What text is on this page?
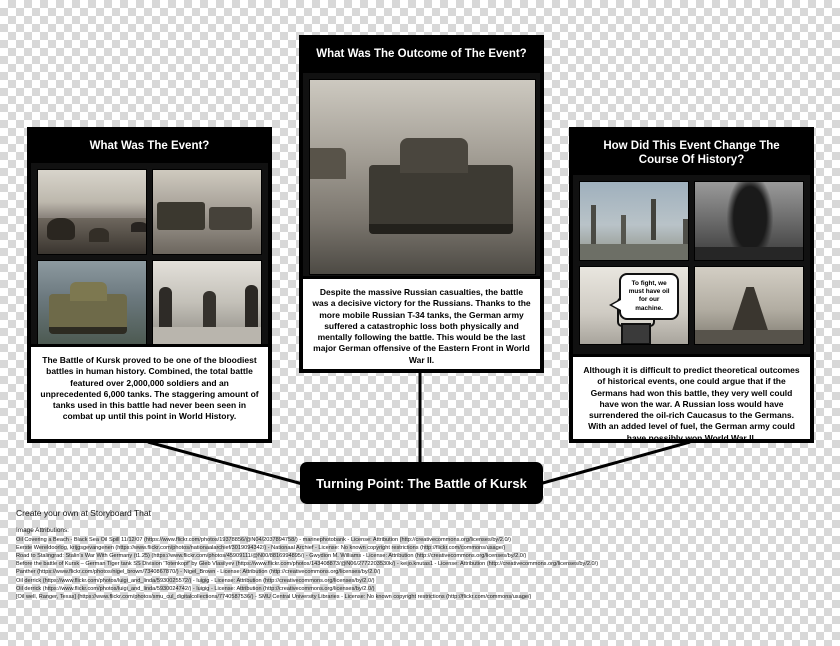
What Was The Event?
The Battle of Kursk proved to be one of the bloodiest battles in human history. Combined, the total battle featured over 2,000,000 soldiers and an unprecedented 6,000 tanks. The staggering amount of tanks used in this battle had never been seen in combat up until this point in World History.
What Was The Outcome of The Event?
Despite the massive Russian casualties, the battle was a decisive victory for the Russians. Thanks to the more mobile Russian T-34 tanks, the German army suffered a catastrophic loss both physically and mentally following the battle. This would be the last major German offensive of the Eastern Front in World War II.
How Did This Event Change The Course Of History?
To fight, we must have oil for our machine.
Although it is difficult to predict theoretical outcomes of historical events, one could argue that if the Germans had won this battle, they very well could have won the war. A Russian loss would have surrendered the oil-rich Caucasus to the Germans. With an added level of fuel, the German army could have possibly won World War II.
Turning Point: The Battle of Kursk
Create your own at Storyboard That
Image Attributions:
Oil Covering a Beach - Black Sea Oil Spill 11/12/07 (https://www.flickr.com/photos/19378856/@N04/2037894758/) - marinephotobank - License: Attribution (http://creativecommons.org/licenses/by/2.0/)
Eerste Wereldoorlog, krijgsgevangenen (https://www.flickr.com/photos/nationaalarchief/3019094342/) - Nationaal Archief - License: No known copyright restrictions (http://flickr.com/commons/usage/)
Road to Stalingrad: Stalin's War With Germany (t1.25) (https://www.flickr.com/photos/45909111/@N00/8816994895/) - Gwydion M. Williams - License: Attribution (http://creativecommons.org/licenses/by/2.0/)
Before the battle of Kursk – German Tiger tank SS Division 'Totenkopf' by Gleb Vlasilyev (https://www.flickr.com/photos/143408873/@N06/2772203530k/) - keijo.knutas1 - License: Attribution (http://creativecommons.org/licenses/by/2.0/)
Panther (https://www.flickr.com/photos/nigel_brown/7340867870/) - Nigel_Brown - License: Attribution (http://creativecommons.org/licenses/by/2.0/)
Oil derrick (https://www.flickr.com/photos/luigi_and_linda/5930025572/) - luigig - License: Attribution (http://creativecommons.org/licenses/by/2.0/)
Oil derrick (https://www.flickr.com/photos/luigi_and_linda/5930024742/) - luigig - License: Attribution (http://creativecommons.org/licenses/by/2.0/)
[Oil well, Ranger, Texas] (https://www.flickr.com/photos/smu_cul_digitalcollections/7740587536/) - SMU Central University Libraries - License: No known copyright restrictions (http://flickr.com/commons/usage/)
